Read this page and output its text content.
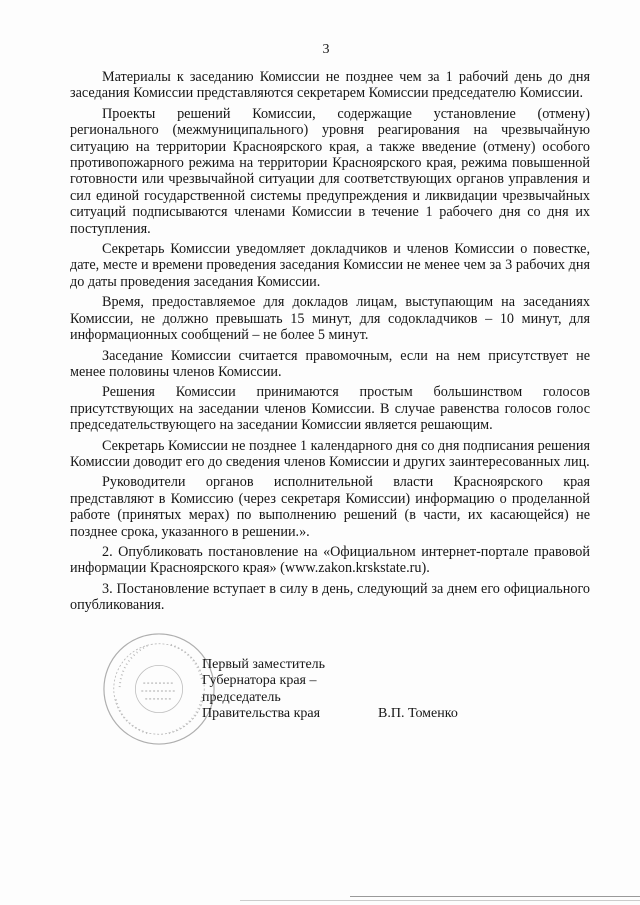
3

Материалы к заседанию Комиссии не позднее чем за 1 рабочий день до дня заседания Комиссии представляются секретарем Комиссии председателю Комиссии.

Проекты решений Комиссии, содержащие установление (отмену) регионального (межмуниципального) уровня реагирования на чрезвычайную ситуацию на территории Красноярского края, а также введение (отмену) особого противопожарного режима на территории Красноярского края, режима повышенной готовности или чрезвычайной ситуации для соответствующих органов управления и сил единой государственной системы предупреждения и ликвидации чрезвычайных ситуаций подписываются членами Комиссии в течение 1 рабочего дня со дня их поступления.

Секретарь Комиссии уведомляет докладчиков и членов Комиссии о повестке, дате, месте и времени проведения заседания Комиссии не менее чем за 3 рабочих дня до даты проведения заседания Комиссии.

Время, предоставляемое для докладов лицам, выступающим на заседаниях Комиссии, не должно превышать 15 минут, для содокладчиков – 10 минут, для информационных сообщений – не более 5 минут.

Заседание Комиссии считается правомочным, если на нем присутствует не менее половины членов Комиссии.

Решения Комиссии принимаются простым большинством голосов присутствующих на заседании членов Комиссии. В случае равенства голосов голос председательствующего на заседании Комиссии является решающим.

Секретарь Комиссии не позднее 1 календарного дня со дня подписания решения Комиссии доводит его до сведения членов Комиссии и других заинтересованных лиц.

Руководители органов исполнительной власти Красноярского края представляют в Комиссию (через секретаря Комиссии) информацию о проделанной работе (принятых мерах) по выполнению решений (в части, их касающейся) не позднее срока, указанного в решении.».

2. Опубликовать постановление на «Официальном интернет-портале правовой информации Красноярского края» (www.zakon.krskstate.ru).

3. Постановление вступает в силу в день, следующий за днем его официального опубликования.

Первый заместитель
Губернатора края –
председатель
Правительства края	В.П. Томенко
